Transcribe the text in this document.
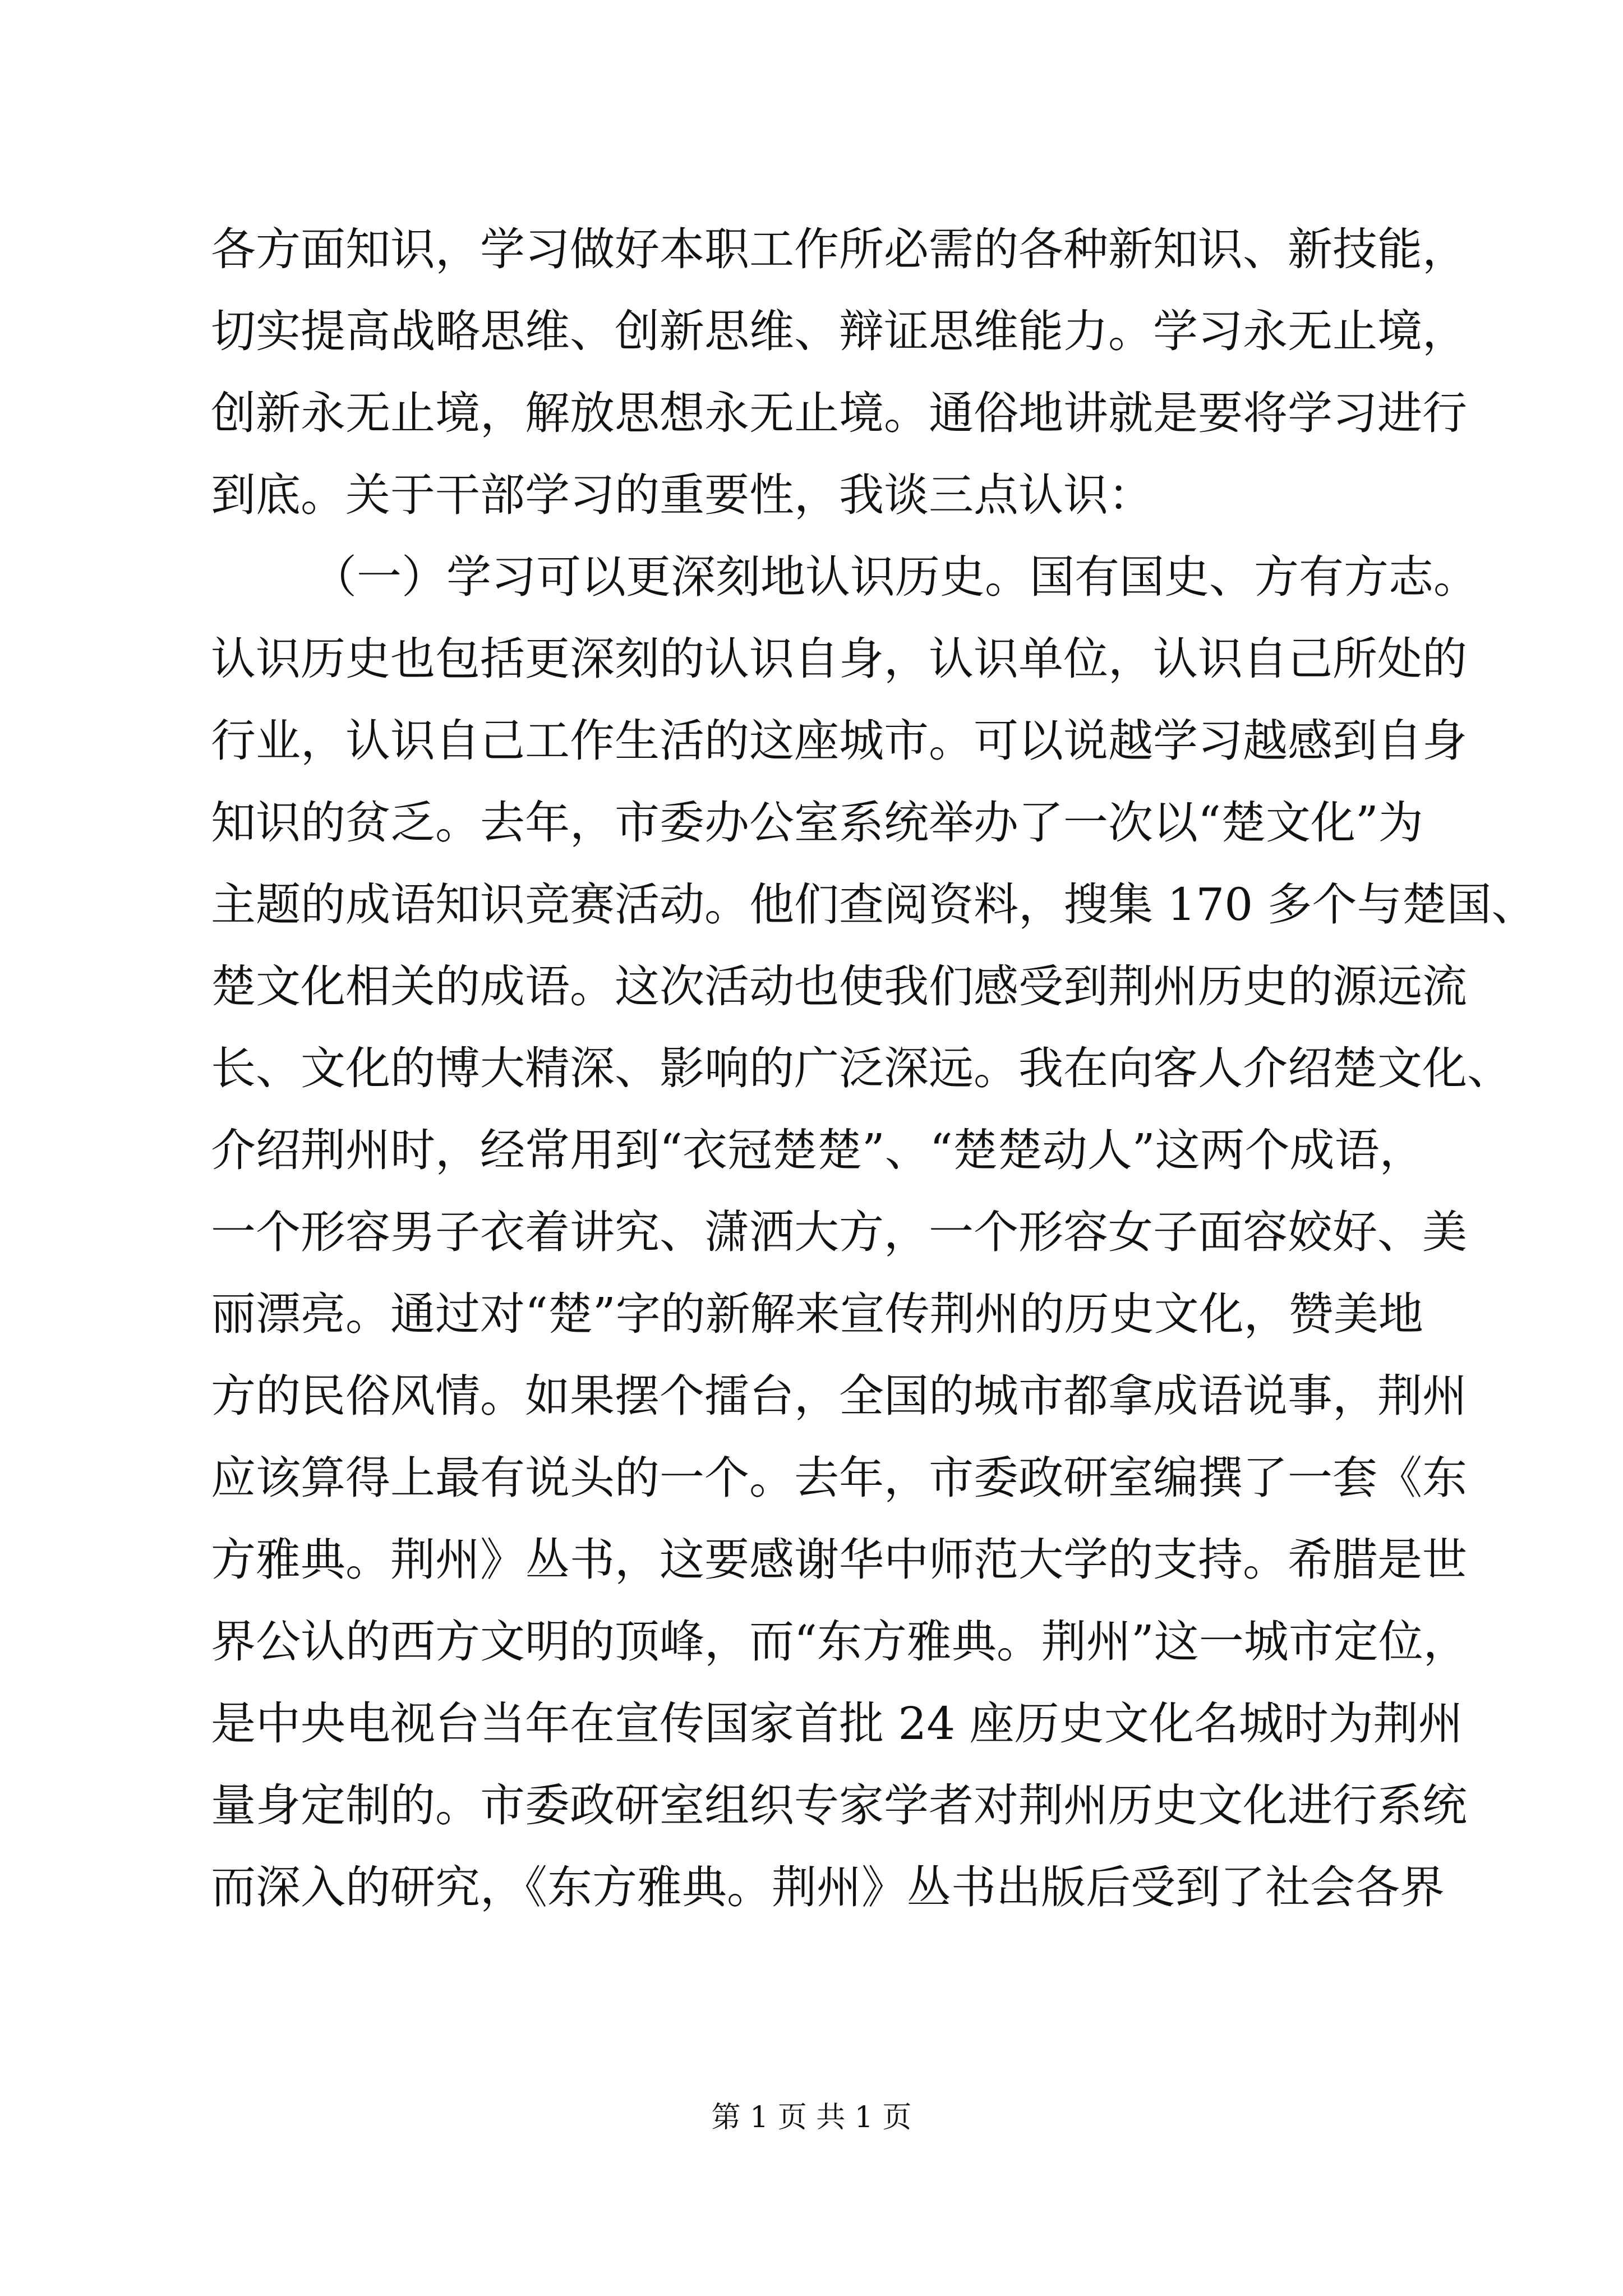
各方面知识，学习做好本职工作所必需的各种新知识、新技能，
切实提高战略思维、创新思维、辩证思维能力。学习永无止境，
创新永无止境，解放思想永无止境。通俗地讲就是要将学习进行
到底。关于干部学习的重要性，我谈三点认识：
（一）学习可以更深刻地认识历史。国有国史、方有方志。
认识历史也包括更深刻的认识自身，认识单位，认识自己所处的
行业，认识自己工作生活的这座城市。可以说越学习越感到自身
知识的贫乏。去年，市委办公室系统举办了一次以“楚文化”为
主题的成语知识竞赛活动。他们查阅资料，搜集 170 多个与楚国、
楚文化相关的成语。这次活动也使我们感受到荆州历史的源远流
长、文化的博大精深、影响的广泛深远。我在向客人介绍楚文化、
介绍荆州时，经常用到“衣冠楚楚”、“楚楚动人”这两个成语，
一个形容男子衣着讲究、潇洒大方，一个形容女子面容姣好、美
丽漂亮。通过对“楚”字的新解来宣传荆州的历史文化，赞美地
方的民俗风情。如果摆个擂台，全国的城市都拿成语说事，荆州
应该算得上最有说头的一个。去年，市委政研室编撰了一套《东
方雅典。荆州》丛书，这要感谢华中师范大学的支持。希腊是世
界公认的西方文明的顶峰，而“东方雅典。荆州”这一城市定位，
是中央电视台当年在宣传国家首批 24 座历史文化名城时为荆州
量身定制的。市委政研室组织专家学者对荆州历史文化进行系统
而深入的研究，《东方雅典。荆州》丛书出版后受到了社会各界
第 1 页 共 1 页
